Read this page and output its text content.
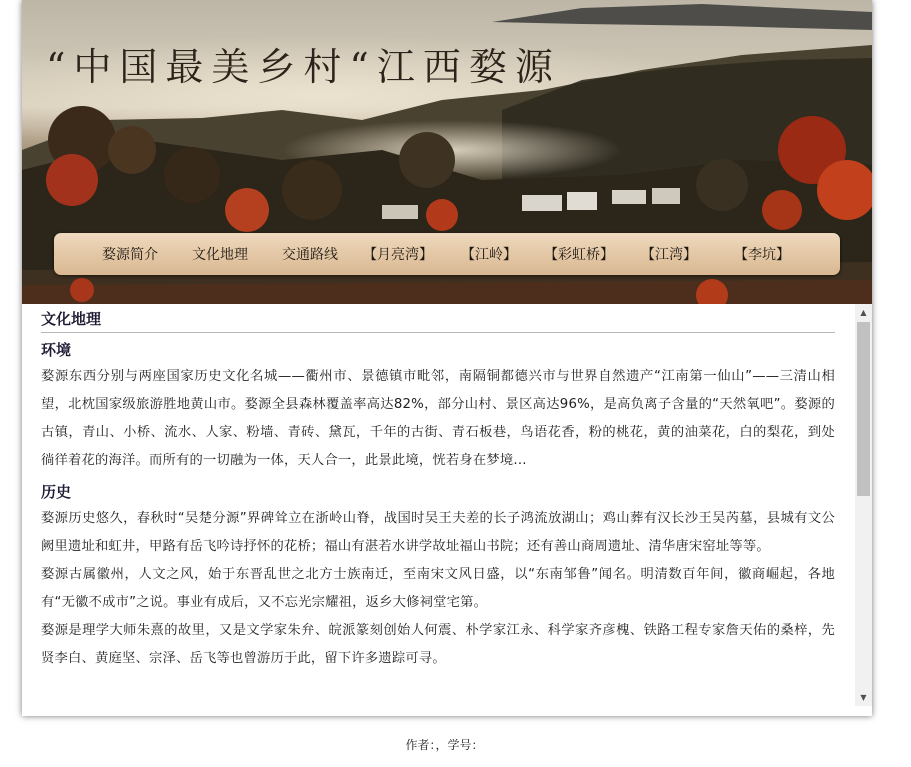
“中国最美乡村“江西婺源
婺源简介 文化地理 交通路线 【月亮湾】 【江岭】 【彩虹桥】 【江湾】	【李坑】
文化地理
环境

婺源东西分别与两座国家历史文化名城——衢州市、景德镇市毗邻，南隔铜都德兴市与世界自然遗产“江南第一仙山”——三清山相望，北枕国家级旅游胜地黄山市。婺源全县森林覆盖率高达82%，部分山村、景区高达96%，是高负离子含量的“天然氧吧”。婺源的古镇，青山、小桥、流水、人家、粉墙、青砖、黛瓦，千年的古街、青石板巷，鸟语花香，粉的桃花，黄的油菜花，白的梨花，到处徜徉着花的海洋。而所有的一切融为一体，天人合一，此景此境，恍若身在梦境...

历史

婺源历史悠久，春秋时“吴楚分源”界碑耸立在浙岭山脊，战国时吴王夫差的长子鸿流放湖山；鸡山葬有汉长沙王吴芮墓，县城有文公阙里遗址和虹井，甲路有岳飞吟诗抒怀的花桥；福山有湛若水讲学故址福山书院；还有善山商周遗址、清华唐宋窑址等等。

婺源古属徽州，人文之风，始于东晋乱世之北方士族南迁，至南宋文风日盛，以“东南邹鲁”闻名。明清数百年间，徽商崛起，各地有“无徽不成市”之说。事业有成后，又不忘光宗耀祖，返乡大修祠堂宅第。

婺源是理学大师朱熹的故里，又是文学家朱弁、皖派篆刻创始人何震、朴学家江永、科学家齐彦槐、铁路工程专家詹天佑的桑梓，先贤李白、黄庭坚、宗泽、岳飞等也曾游历于此，留下许多遗踪可寻。

▲
▼
作者：，学号：
